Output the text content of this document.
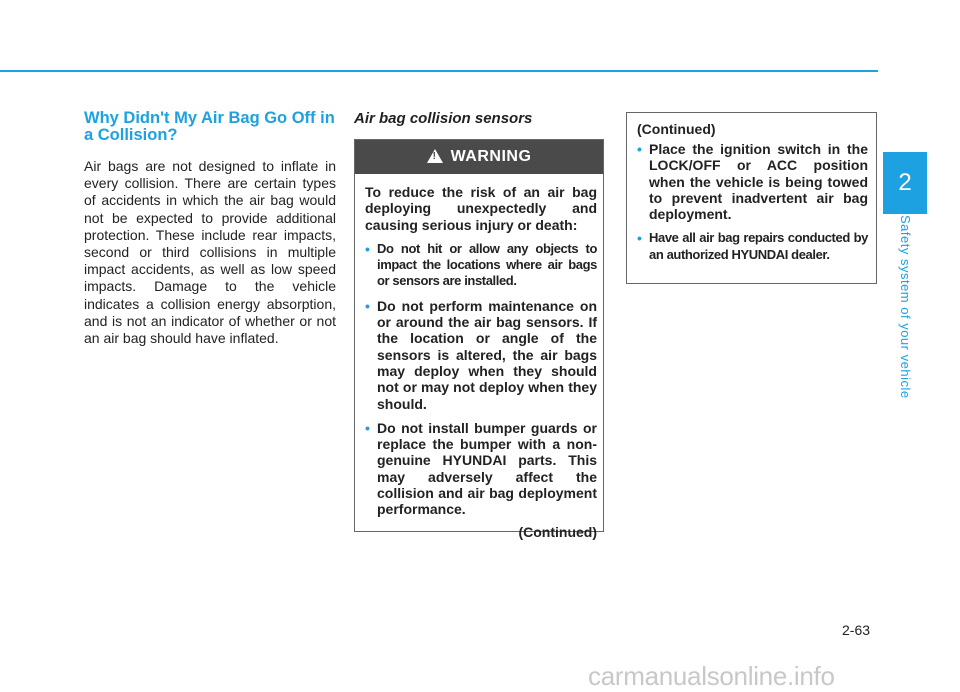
2
Safety system of your vehicle
Why Didn't My Air Bag Go Off in a Collision?

Air bags are not designed to inflate in every collision. There are certain types of accidents in which the air bag would not be expected to provide additional protection. These include rear impacts, second or third collisions in multiple impact accidents, as well as low speed impacts. Damage to the vehicle indicates a collision energy absorption, and is not an indicator of whether or not an air bag should have inflated.

Air bag collision sensors
!
WARNING

To reduce the risk of an air bag deploying unexpectedly and causing serious injury or death:

• Do not hit or allow any objects to impact the locations where air bags or sensors are installed.
• Do not perform maintenance on or around the air bag sensors. If the location or angle of the sensors is altered, the air bags may deploy when they should not or may not deploy when they should.
• Do not install bumper guards or replace the bumper with a non-genuine HYUNDAI parts. This may adversely affect the collision and air bag deployment performance.
(Continued)

(Continued)

• Place the ignition switch in the LOCK/OFF or ACC position when the vehicle is being towed to prevent inadvertent air bag deployment.
• Have all air bag repairs conducted by an authorized HYUNDAI dealer.
2-63
carmanualsonline.info
